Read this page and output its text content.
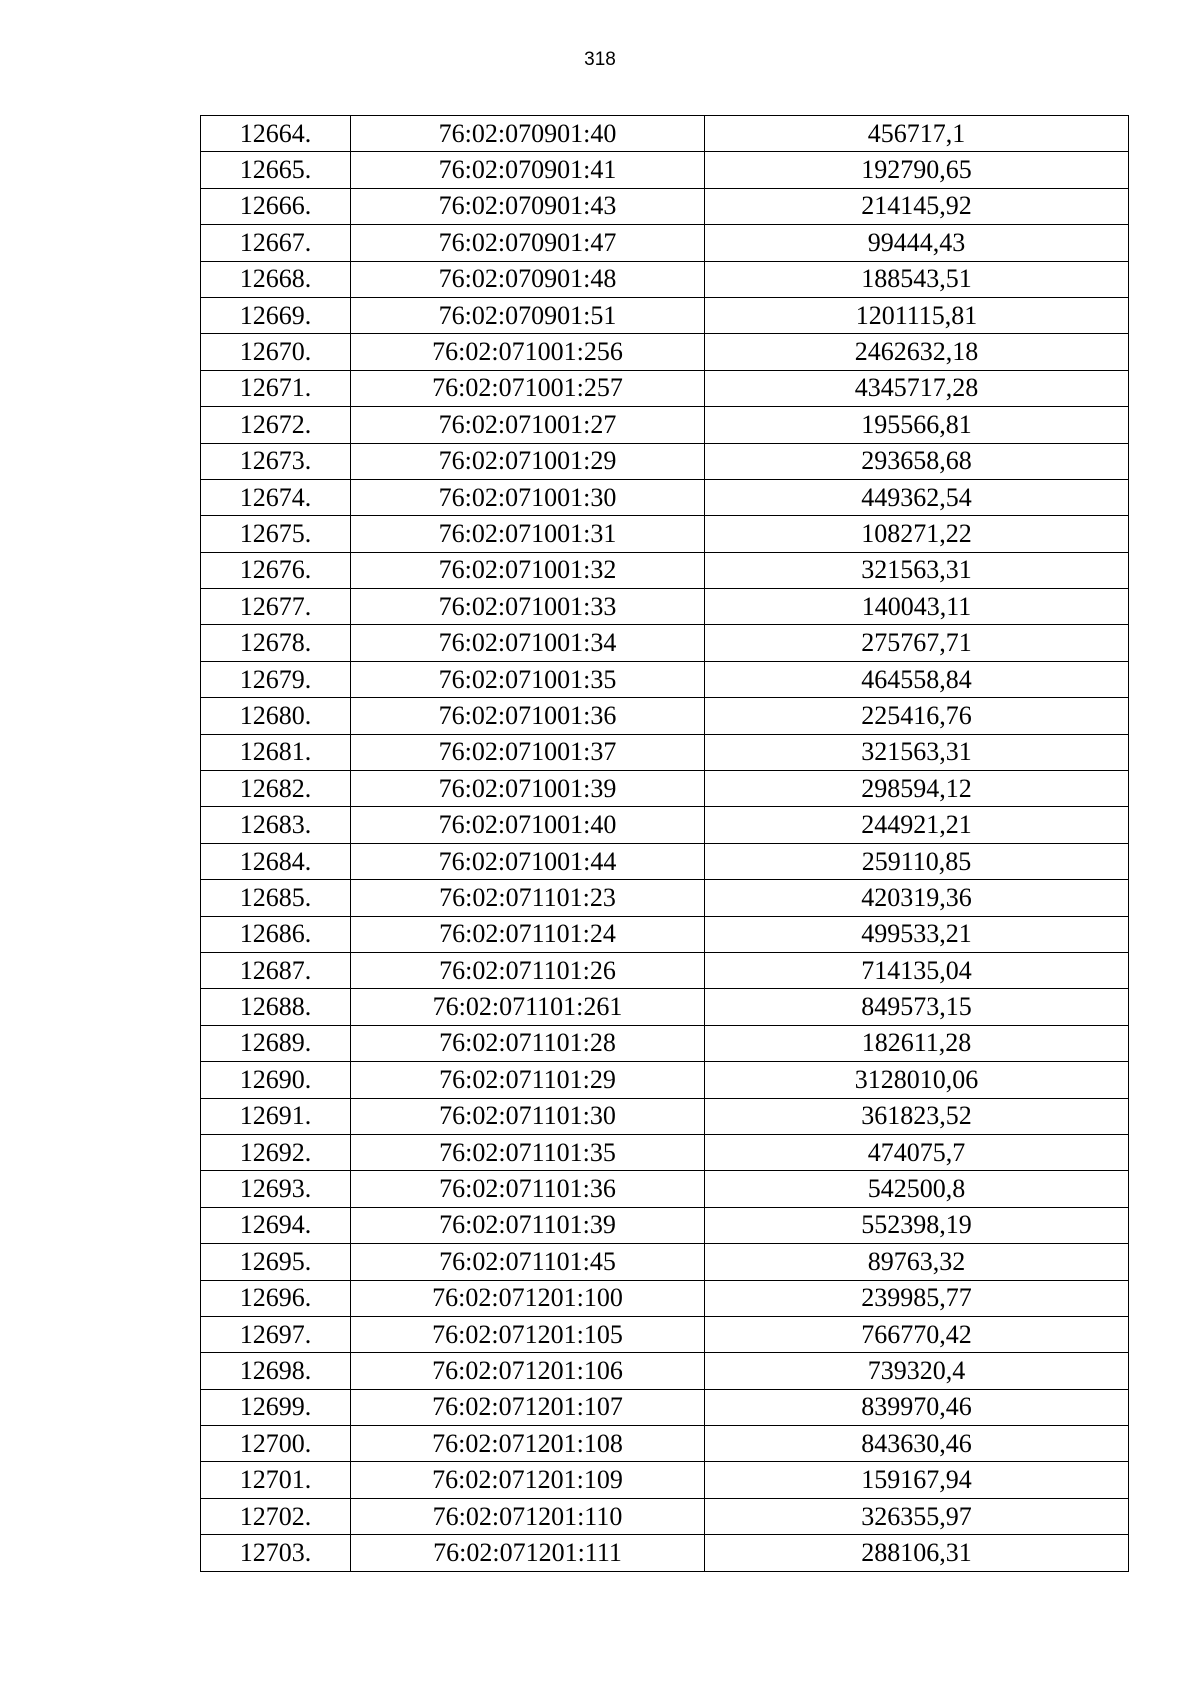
318
12664.	76:02:070901:40	456717,1
12665.	76:02:070901:41	192790,65
12666.	76:02:070901:43	214145,92
12667.	76:02:070901:47	99444,43
12668.	76:02:070901:48	188543,51
12669.	76:02:070901:51	1201115,81
12670.	76:02:071001:256	2462632,18
12671.	76:02:071001:257	4345717,28
12672.	76:02:071001:27	195566,81
12673.	76:02:071001:29	293658,68
12674.	76:02:071001:30	449362,54
12675.	76:02:071001:31	108271,22
12676.	76:02:071001:32	321563,31
12677.	76:02:071001:33	140043,11
12678.	76:02:071001:34	275767,71
12679.	76:02:071001:35	464558,84
12680.	76:02:071001:36	225416,76
12681.	76:02:071001:37	321563,31
12682.	76:02:071001:39	298594,12
12683.	76:02:071001:40	244921,21
12684.	76:02:071001:44	259110,85
12685.	76:02:071101:23	420319,36
12686.	76:02:071101:24	499533,21
12687.	76:02:071101:26	714135,04
12688.	76:02:071101:261	849573,15
12689.	76:02:071101:28	182611,28
12690.	76:02:071101:29	3128010,06
12691.	76:02:071101:30	361823,52
12692.	76:02:071101:35	474075,7
12693.	76:02:071101:36	542500,8
12694.	76:02:071101:39	552398,19
12695.	76:02:071101:45	89763,32
12696.	76:02:071201:100	239985,77
12697.	76:02:071201:105	766770,42
12698.	76:02:071201:106	739320,4
12699.	76:02:071201:107	839970,46
12700.	76:02:071201:108	843630,46
12701.	76:02:071201:109	159167,94
12702.	76:02:071201:110	326355,97
12703.	76:02:071201:111	288106,31
